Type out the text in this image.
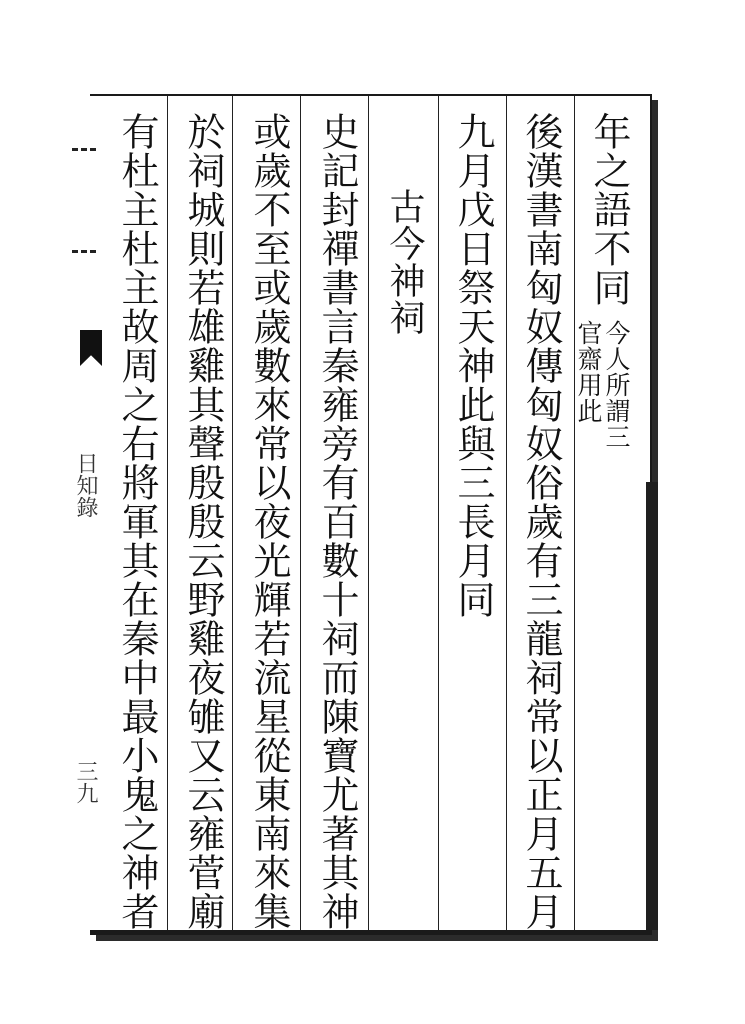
年之語不同
今人所謂三
官齋用此
後漢書南匈奴傳匈奴俗歲有三龍祠常以正月五月
九月戊日祭天神此與三長月同
古今神祠
史記封禪書言秦雍旁有百數十祠而陳寶尤著其神
或歲不至或歲數來常以夜光輝若流星從東南來集
於祠城則若雄雞其聲殷殷云野雞夜雊又云雍菅廟
有杜主杜主故周之右將軍其在秦中最小鬼之神者
日知錄
三九
